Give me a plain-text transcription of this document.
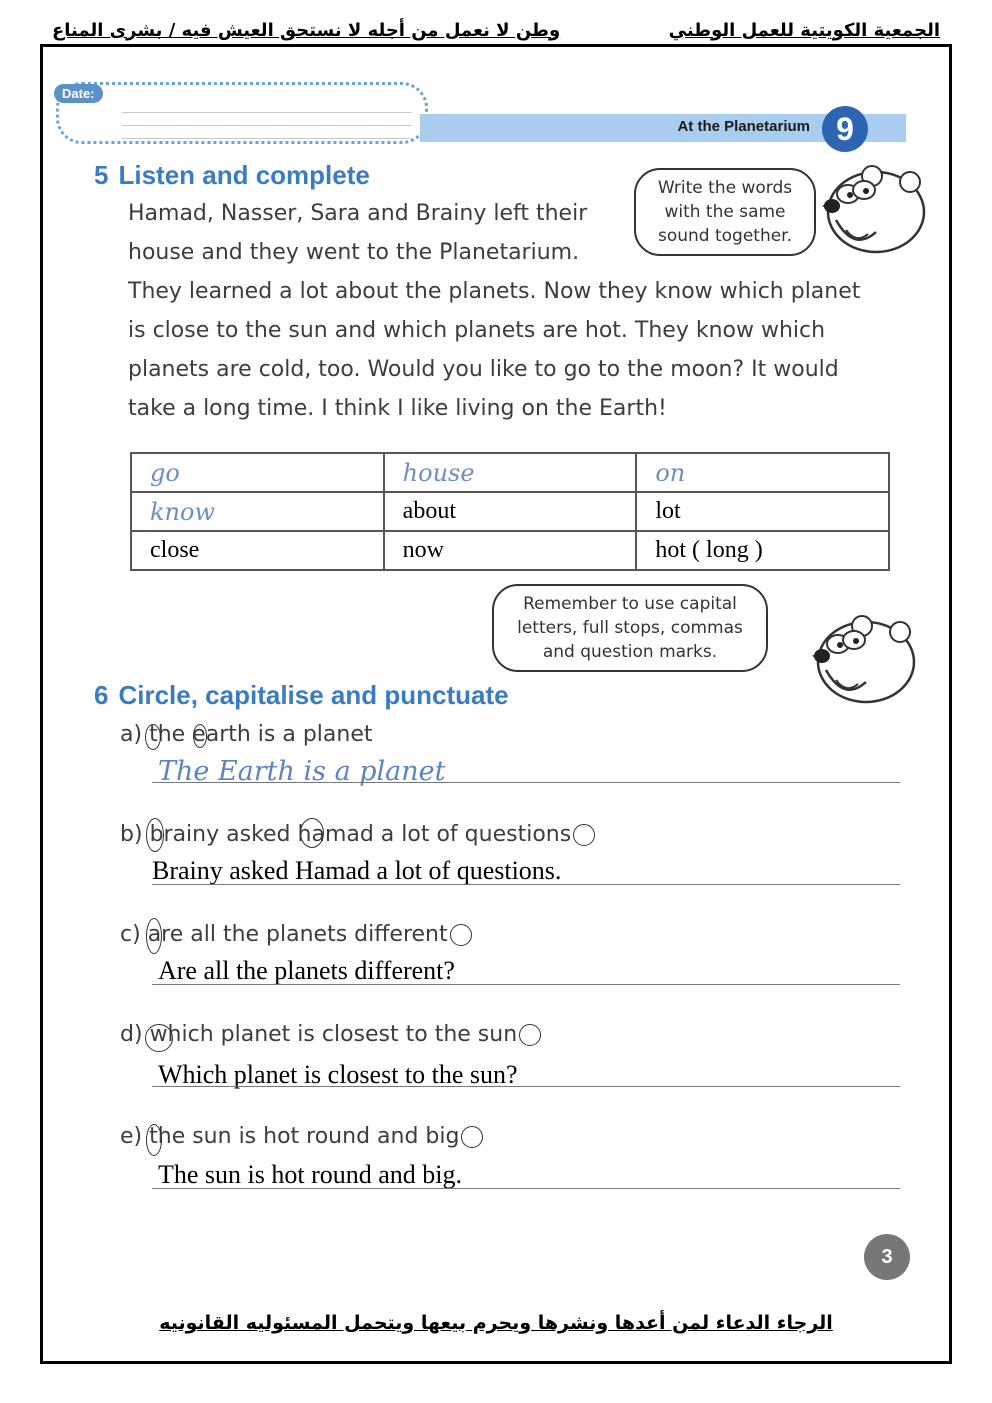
الجمعية الكويتية للعمل الوطني
وطن لا نعمل من أجله لا نستحق العيش فيه / بشرى المناع
Date:
At the Planetarium 9
5 Listen and complete	Write the words
with the same
sound together.
Hamad, Nasser, Sara and Brainy left their
house and they went to the Planetarium.
They learned a lot about the planets. Now they know which planet
is close to the sun and which planets are hot. They know which
planets are cold, too. Would you like to go to the moon? It would
take a long time. I think I like living on the Earth!
go	house	on
know	about	lot
close	now	hot ( long )
Remember to use capital
letters, full stops, commas
and question marks.
6 Circle, capitalise and punctuate
a) the earth is a planet
The Earth is a planet
b) brainy asked hamad a lot of questions
Brainy asked Hamad a lot of questions.
c) are all the planets different
Are all the planets different?
d) which planet is closest to the sun
Which planet is closest to the sun?
e) the sun is hot round and big
The sun is hot round and big.
3
الرجاء الدعاء لمن أعدها ونشرها ويحرم بيعها ويتحمل المسئوليه القانونيه
